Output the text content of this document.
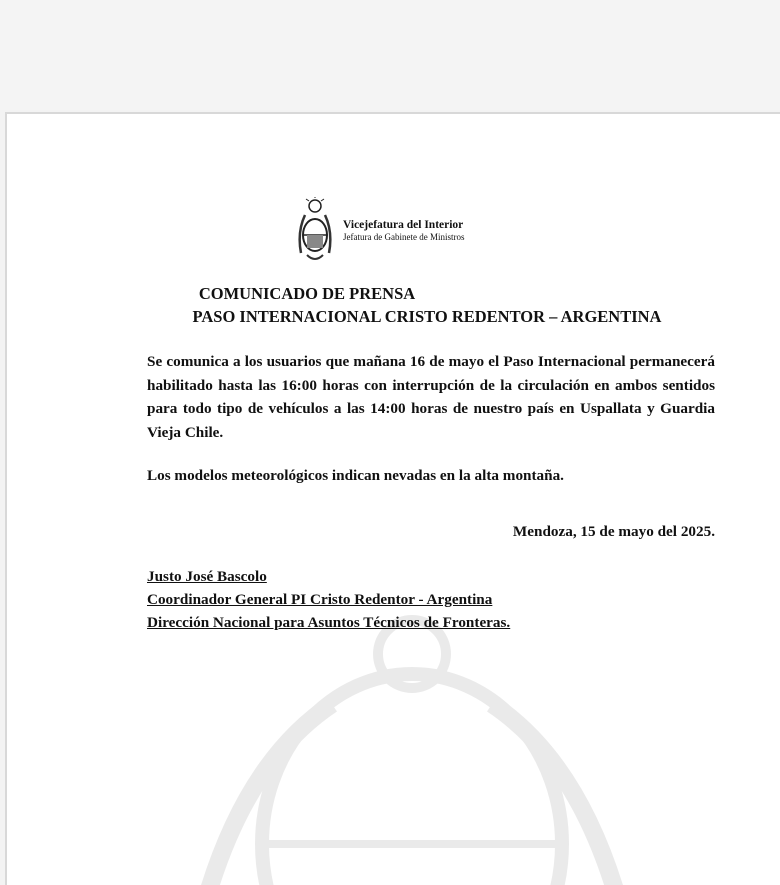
Vicejefatura del Interior
Jefatura de Gabinete de Ministros
COMUNICADO DE PRENSA
PASO INTERNACIONAL CRISTO REDENTOR – ARGENTINA
Se comunica a los usuarios que mañana 16 de mayo el Paso Internacional permanecerá habilitado hasta las 16:00 horas con interrupción de la circulación en ambos sentidos para todo tipo de vehículos a las 14:00 horas de nuestro país en Uspallata y Guardia Vieja Chile.
Los modelos meteorológicos indican nevadas en la alta montaña.
Mendoza, 15 de mayo del 2025.
Justo José Bascolo
Coordinador General PI Cristo Redentor - Argentina
Dirección Nacional para Asuntos Técnicos de Fronteras.
